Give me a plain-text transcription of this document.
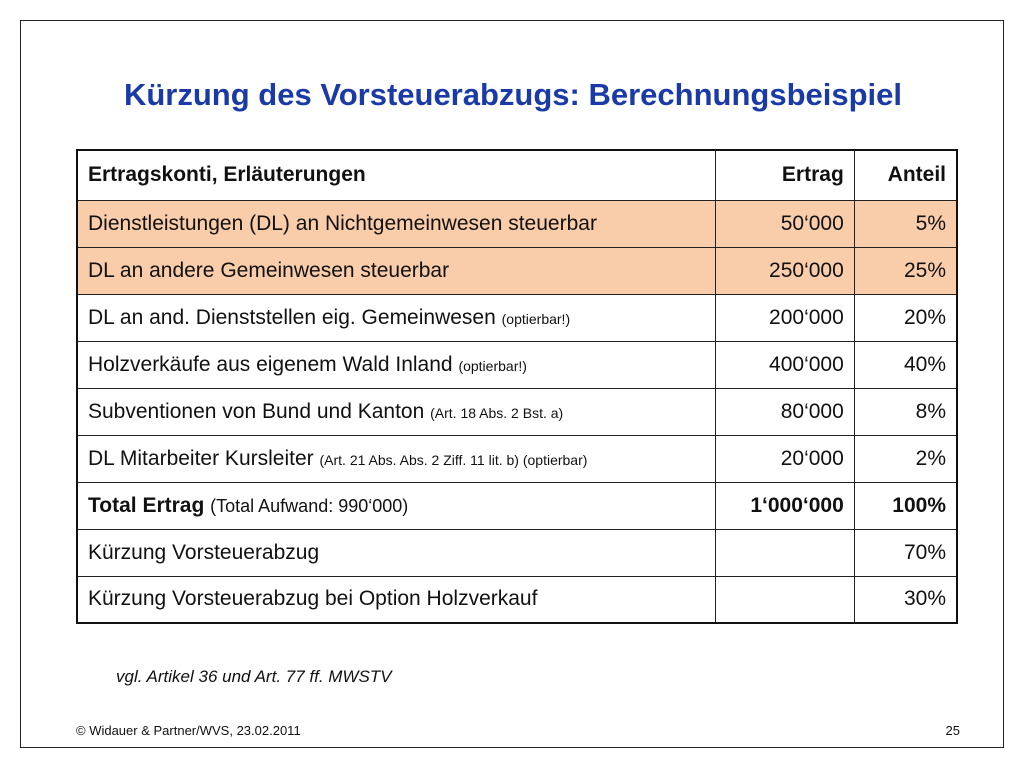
Kürzung des Vorsteuerabzugs: Berechnungsbeispiel
Ertragskonti, Erläuterungen	Ertrag	Anteil
Dienstleistungen (DL) an Nichtgemeinwesen steuerbar	50‘000	5%
DL an andere Gemeinwesen steuerbar	250‘000	25%
DL an and. Dienststellen eig. Gemeinwesen (optierbar!)	200‘000	20%
Holzverkäufe aus eigenem Wald Inland (optierbar!)	400‘000	40%
Subventionen von Bund und Kanton (Art. 18 Abs. 2 Bst. a)	80‘000	8%
DL Mitarbeiter Kursleiter (Art. 21 Abs. Abs. 2 Ziff. 11 lit. b) (optierbar)	20‘000	2%
Total Ertrag (Total Aufwand: 990‘000)	1‘000‘000	100%
Kürzung Vorsteuerabzug		70%
Kürzung Vorsteuerabzug bei Option Holzverkauf		30%
vgl. Artikel 36 und Art. 77 ff. MWSTV
© Widauer & Partner/WVS, 23.02.2011	25
